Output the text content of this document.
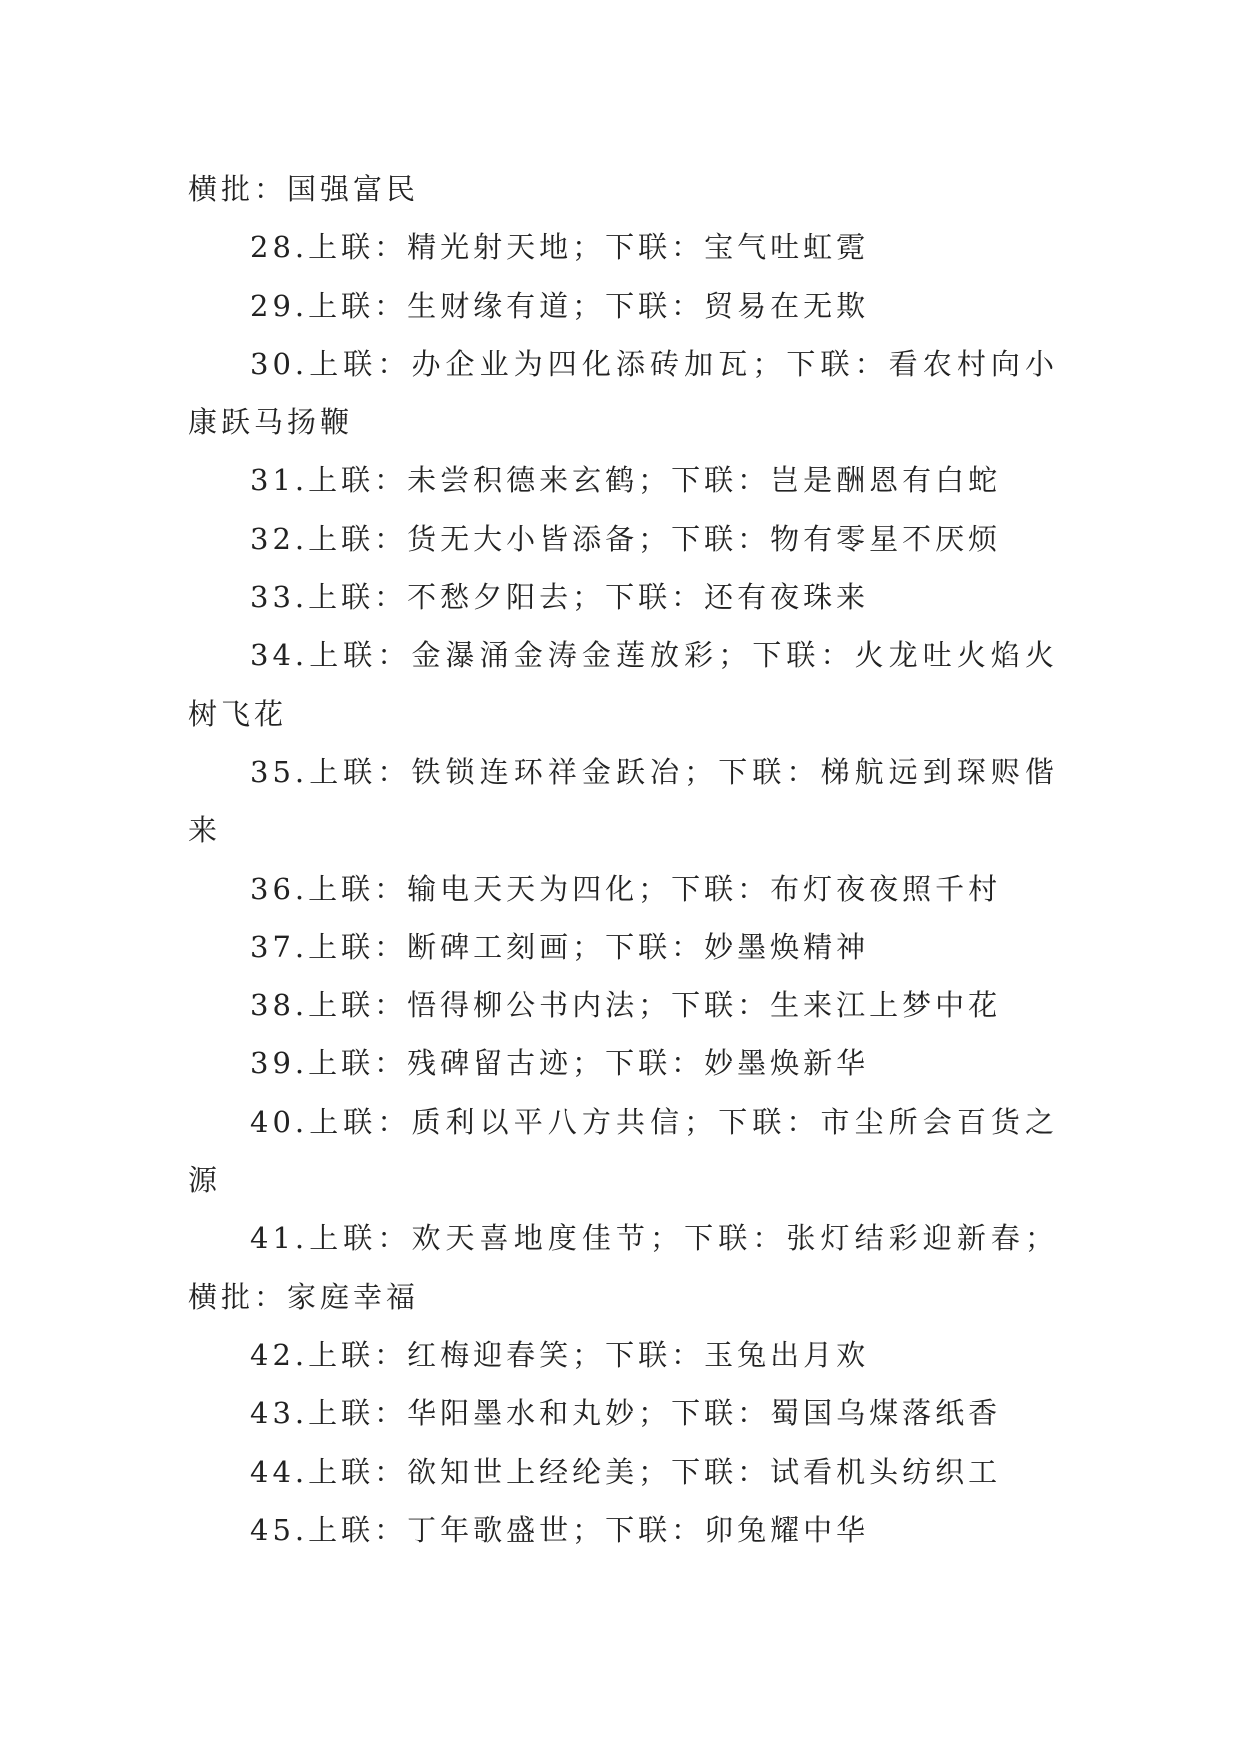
横批：国强富民

28.上联：精光射天地；下联：宝气吐虹霓

29.上联：生财缘有道；下联：贸易在无欺

30.上联：办企业为四化添砖加瓦；下联：看农村向小康跃马扬鞭

31.上联：未尝积德来玄鹤；下联：岂是酬恩有白蛇

32.上联：货无大小皆添备；下联：物有零星不厌烦

33.上联：不愁夕阳去；下联：还有夜珠来

34.上联：金瀑涌金涛金莲放彩；下联：火龙吐火焰火树飞花

35.上联：铁锁连环祥金跃冶；下联：梯航远到琛赆偕来

36.上联：输电天天为四化；下联：布灯夜夜照千村

37.上联：断碑工刻画；下联：妙墨焕精神

38.上联：悟得柳公书内法；下联：生来江上梦中花

39.上联：残碑留古迹；下联：妙墨焕新华

40.上联：质利以平八方共信；下联：市尘所会百货之源

41.上联：欢天喜地度佳节；下联：张灯结彩迎新春；横批：家庭幸福

42.上联：红梅迎春笑；下联：玉兔出月欢

43.上联：华阳墨水和丸妙；下联：蜀国乌煤落纸香

44.上联：欲知世上经纶美；下联：试看机头纺织工

45.上联：丁年歌盛世；下联：卯兔耀中华
